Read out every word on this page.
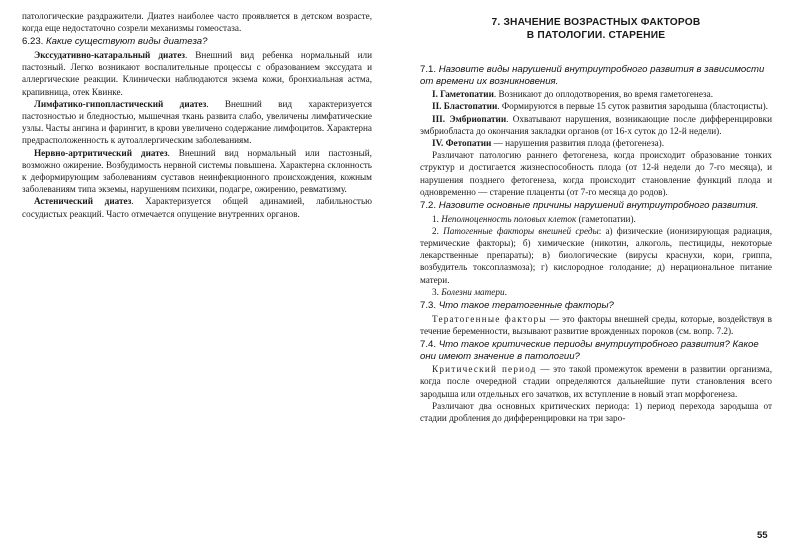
патологические раздражители. Диатез наиболее часто проявляется в детском возрасте, когда еще недостаточно созрели механизмы гомеостаза.

6.23. Какие существуют виды диатеза?

Экссудативно-катаральный диатез. Внешний вид ребенка нормальный или пастозный. Легко возникают воспалительные процессы с образованием экссудата и аллергические реакции. Клинически наблюдаются экзема кожи, бронхиальная астма, крапивница, отек Квинке.

Лимфатико-гипопластический диатез. Внешний вид характеризуется пастозностью и бледностью, мышечная ткань развита слабо, увеличены лимфатические узлы. Часты ангина и фарингит, в крови увеличено содержание лимфоцитов. Характерна предрасположенность к аутоаллергическим заболеваниям.

Нервно-артритический диатез. Внешний вид нормальный или пастозный, возможно ожирение. Возбудимость нервной системы повышена. Характерна склонность к деформирующим заболеваниям суставов неинфекционного происхождения, кожным заболеваниям типа экземы, нарушениям психики, подагре, ожирению, ревматизму.

Астенический диатез. Характеризуется общей адинамией, лабильностью сосудистых реакций. Часто отмечается опущение внутренних органов.

7. ЗНАЧЕНИЕ ВОЗРАСТНЫХ ФАКТОРОВ
В ПАТОЛОГИИ. СТАРЕНИЕ
7.1. Назовите виды нарушений внутриутробного развития в зависимости от времени их возникновения.

I. Гаметопатии. Возникают до оплодотворения, во время гаметогенеза.

II. Бластопатии. Формируются в первые 15 суток развития зародыша (бластоцисты).

III. Эмбриопатии. Охватывают нарушения, возникающие после дифференцировки эмбриобласта до окончания закладки органов (от 16-х суток до 12-й недели).

IV. Фетопатии — нарушения развития плода (фетогенеза).

Различают патологию раннего фетогенеза, когда происходит образование тонких структур и достигается жизнеспособность плода (от 12-й недели до 7-го месяца), и нарушения позднего фетогенеза, когда происходит становление функций плода и одновременно — старение плаценты (от 7-го месяца до родов).

7.2. Назовите основные причины нарушений внутриутробного развития.

1. Неполноценность половых клеток (гаметопатии).

2. Патогенные факторы внешней среды: а) физические (ионизирующая радиация, термические факторы); б) химические (никотин, алкоголь, пестициды, некоторые лекарственные препараты); в) биологические (вирусы краснухи, кори, гриппа, возбудитель токсоплазмоза); г) кислородное голодание; д) нерациональное питание матери.

3. Болезни матери.

7.3. Что такое тератогенные факторы?

Тератогенные факторы — это факторы внешней среды, которые, воздействуя в течение беременности, вызывают развитие врожденных пороков (см. вопр. 7.2).

7.4. Что такое критические периоды внутриутробного развития? Какое они имеют значение в патологии?

Критический период — это такой промежуток времени в развитии организма, когда после очередной стадии определяются дальнейшие пути становления всего зародыша или отдельных его зачатков, их вступление в новый этап морфогенеза.

Различают два основных критических периода: 1) период перехода зародыша от стадии дробления до дифференцировки на три заро-

55
